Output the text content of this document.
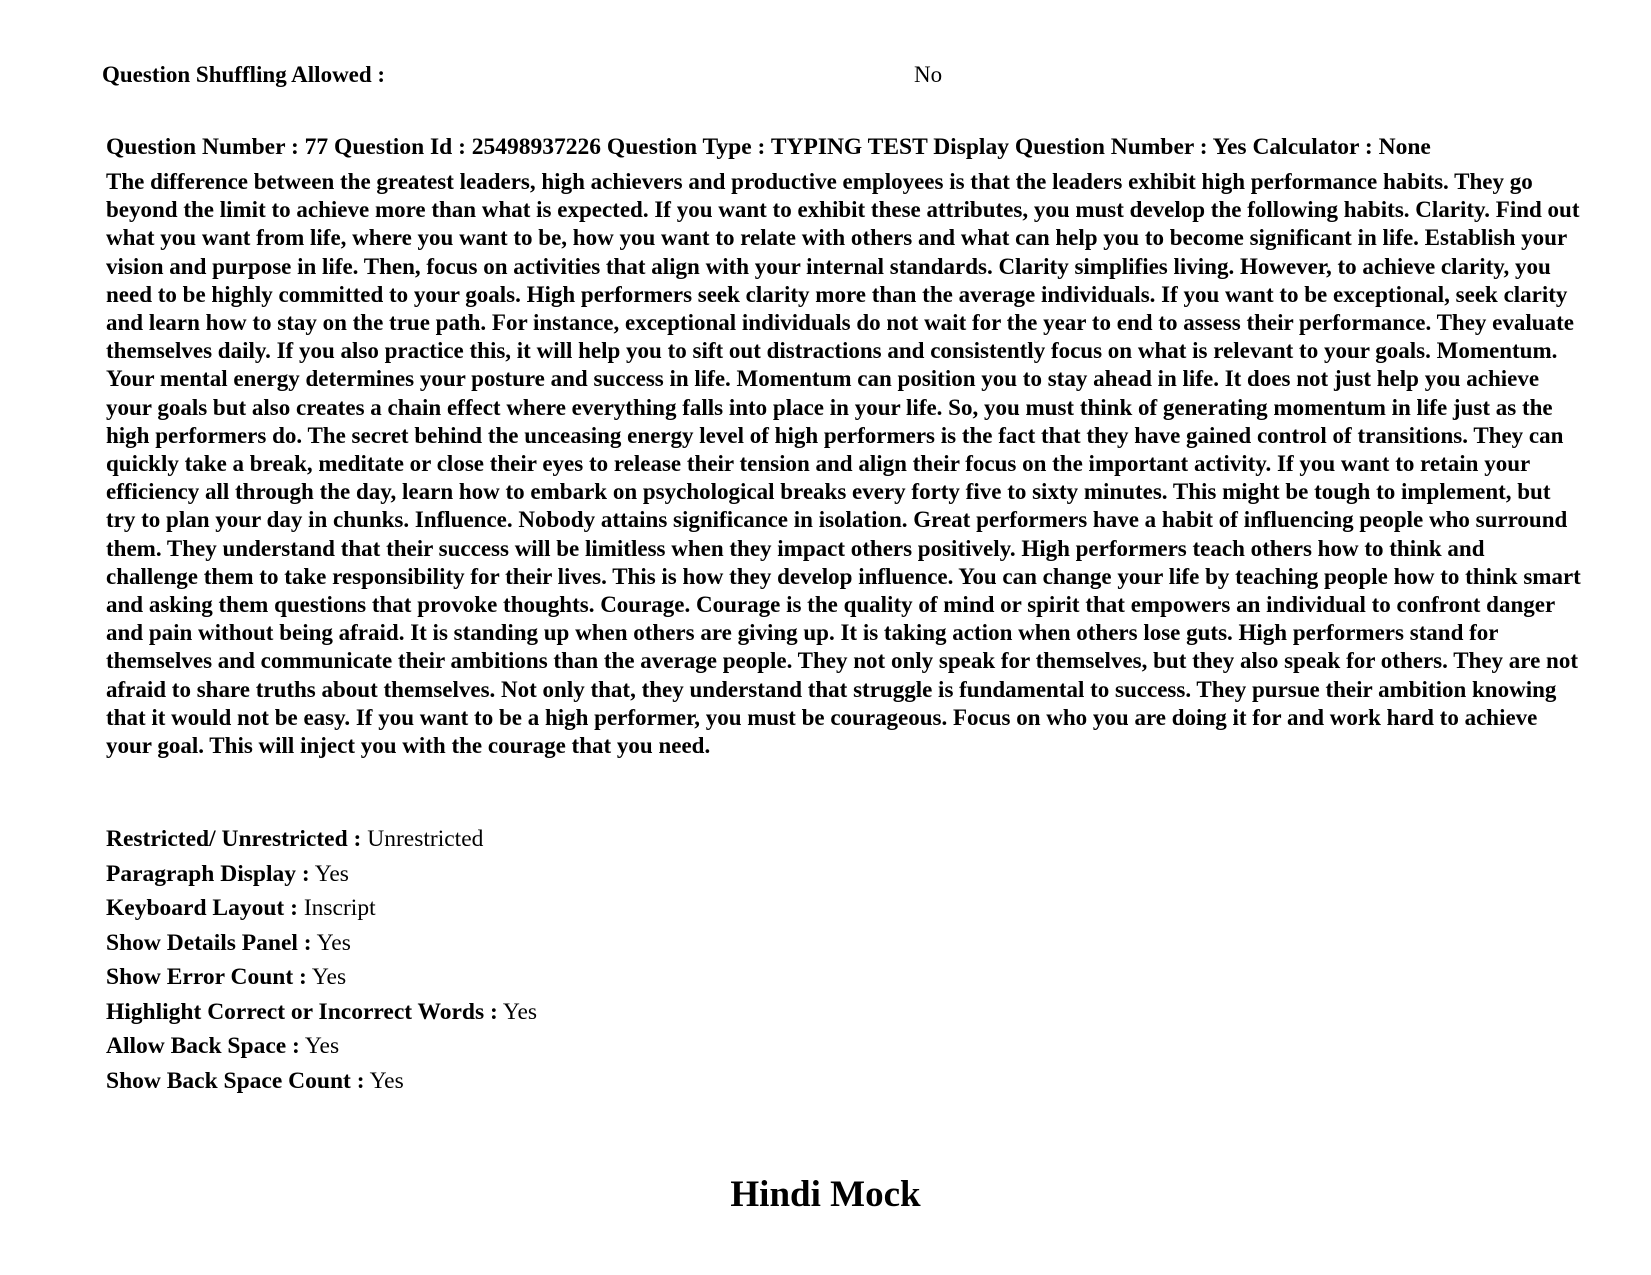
Question Shuffling Allowed :	No
Question Number : 77 Question Id : 25498937226 Question Type : TYPING TEST Display Question Number : Yes Calculator : None

The difference between the greatest leaders, high achievers and productive employees is that the leaders exhibit high performance habits. They go beyond the limit to achieve more than what is expected. If you want to exhibit these attributes, you must develop the following habits. Clarity. Find out what you want from life, where you want to be, how you want to relate with others and what can help you to become significant in life. Establish your vision and purpose in life. Then, focus on activities that align with your internal standards. Clarity simplifies living. However, to achieve clarity, you need to be highly committed to your goals. High performers seek clarity more than the average individuals. If you want to be exceptional, seek clarity and learn how to stay on the true path. For instance, exceptional individuals do not wait for the year to end to assess their performance. They evaluate themselves daily. If you also practice this, it will help you to sift out distractions and consistently focus on what is relevant to your goals. Momentum. Your mental energy determines your posture and success in life. Momentum can position you to stay ahead in life. It does not just help you achieve your goals but also creates a chain effect where everything falls into place in your life. So, you must think of generating momentum in life just as the high performers do. The secret behind the unceasing energy level of high performers is the fact that they have gained control of transitions. They can quickly take a break, meditate or close their eyes to release their tension and align their focus on the important activity. If you want to retain your efficiency all through the day, learn how to embark on psychological breaks every forty five to sixty minutes. This might be tough to implement, but try to plan your day in chunks. Influence. Nobody attains significance in isolation. Great performers have a habit of influencing people who surround them. They understand that their success will be limitless when they impact others positively. High performers teach others how to think and challenge them to take responsibility for their lives. This is how they develop influence. You can change your life by teaching people how to think smart and asking them questions that provoke thoughts. Courage. Courage is the quality of mind or spirit that empowers an individual to confront danger and pain without being afraid. It is standing up when others are giving up. It is taking action when others lose guts. High performers stand for themselves and communicate their ambitions than the average people. They not only speak for themselves, but they also speak for others. They are not afraid to share truths about themselves. Not only that, they understand that struggle is fundamental to success. They pursue their ambition knowing that it would not be easy. If you want to be a high performer, you must be courageous. Focus on who you are doing it for and work hard to achieve your goal. This will inject you with the courage that you need.

Restricted/ Unrestricted : Unrestricted
Paragraph Display : Yes
Keyboard Layout : Inscript
Show Details Panel : Yes
Show Error Count : Yes
Highlight Correct or Incorrect Words : Yes
Allow Back Space : Yes
Show Back Space Count : Yes
Hindi Mock
